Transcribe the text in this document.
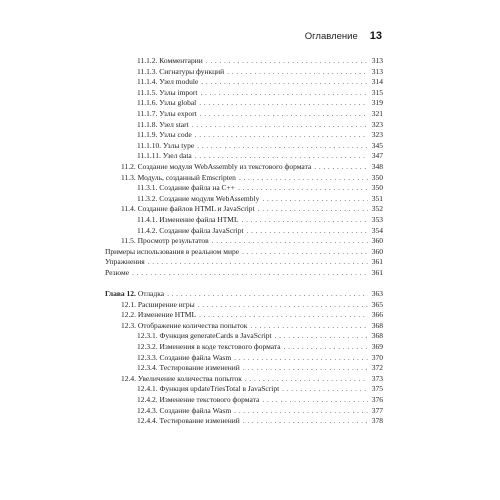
Оглавление 13
11.1.2. Комментарии . . .	313
11.1.3. Сигнатуры функций . . .	313
11.1.4. Узел module . . .	314
11.1.5. Узлы import . . .	315
11.1.6. Узлы global . . .	319
11.1.7. Узлы export . . .	321
11.1.8. Узел start . . .	323
11.1.9. Узлы code . . .	323
11.1.10. Узлы type . . .	345
11.1.11. Узел data . . .	347
11.2. Создание модуля WebAssembly из текстового формата . . .	348
11.3. Модуль, созданный Emscripten . . .	350
11.3.1. Создание файла на C++ . . .	350
11.3.2. Создание модуля WebAssembly . . .	351
11.4. Создание файлов HTML и JavaScript . . .	352
11.4.1. Изменение файла HTML . . .	353
11.4.2. Создание файла JavaScript . . .	354
11.5. Просмотр результатов . . .	360
Примеры использования в реальном мире . . .	360
Упражнения . . .	361
Резюме . . .	361
Глава 12. Отладка . . .	363
12.1. Расширение игры . . .	365
12.2. Изменение HTML . . .	366
12.3. Отображение количества попыток . . .	368
12.3.1. Функция generateCards в JavaScript . . .	368
12.3.2. Изменения в коде текстового формата . . .	369
12.3.3. Создание файла Wasm . . .	370
12.3.4. Тестирование изменений . . .	372
12.4. Увеличение количества попыток . . .	373
12.4.1. Функция updateTriesTotal в JavaScript . . .	375
12.4.2. Изменение текстового формата . . .	376
12.4.3. Создание файла Wasm . . .	377
12.4.4. Тестирование изменений . . .	378
